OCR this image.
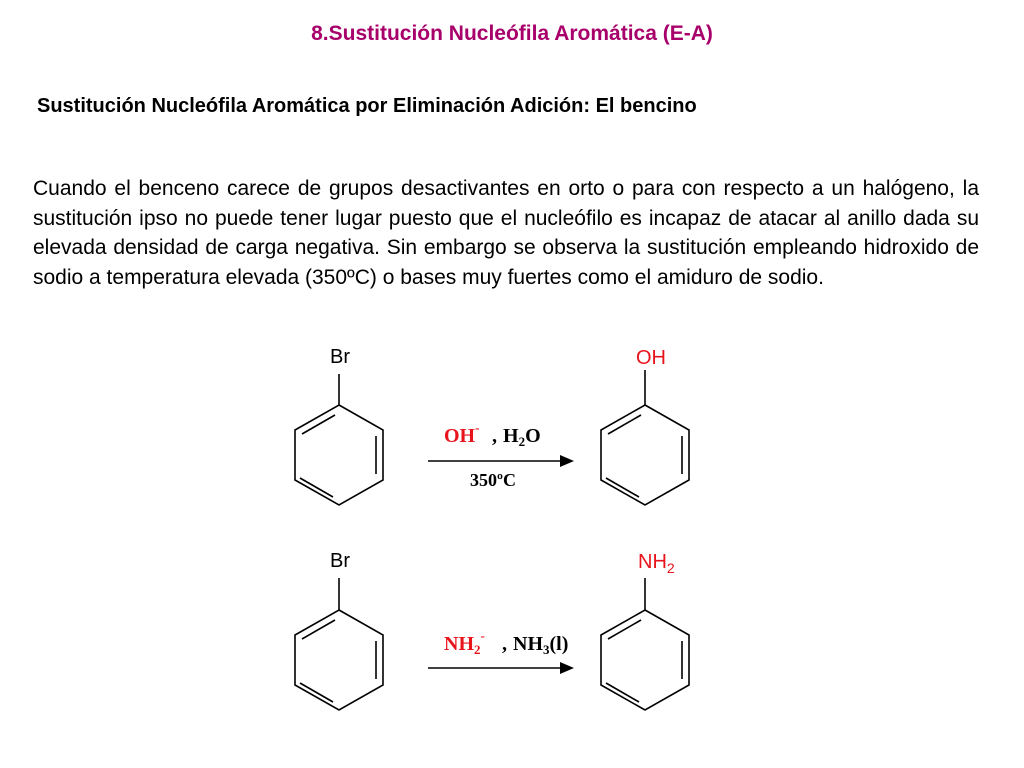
8.Sustitución Nucleófila Aromática (E-A)
Sustitución Nucleófila Aromática por Eliminación Adición: El bencino

Cuando el benceno carece de grupos desactivantes en orto o para con respecto a un halógeno, la sustitución ipso no puede tener lugar puesto que el nucleófilo es incapaz de atacar al anillo dada su elevada densidad de carga negativa. Sin embargo se observa la sustitución empleando hidroxido de sodio a temperatura elevada (350ºC) o bases muy fuertes como el amiduro de sodio.

Br
OH- , $H_2O$
350ºC
OH
Br
$NH_2^-$ , $NH_3(l)$
$NH_2$
